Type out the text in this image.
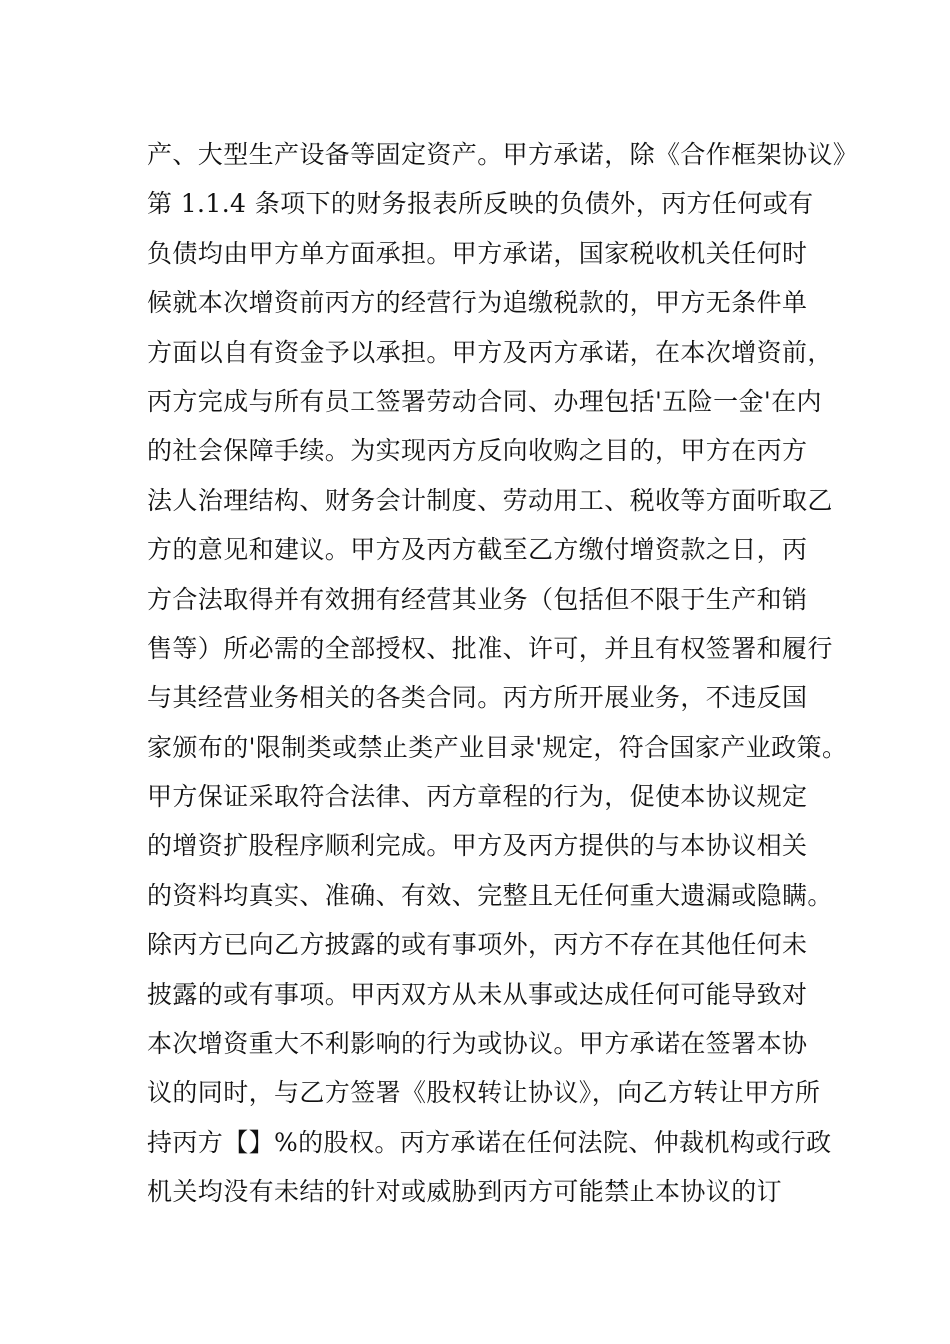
产、大型生产设备等固定资产。甲方承诺，除《合作框架协议》
第 1.1.4 条项下的财务报表所反映的负债外，丙方任何或有
负债均由甲方单方面承担。甲方承诺，国家税收机关任何时
候就本次增资前丙方的经营行为追缴税款的，甲方无条件单
方面以自有资金予以承担。甲方及丙方承诺，在本次增资前，
丙方完成与所有员工签署劳动合同、办理包括'五险一金'在内
的社会保障手续。为实现丙方反向收购之目的，甲方在丙方
法人治理结构、财务会计制度、劳动用工、税收等方面听取乙
方的意见和建议。甲方及丙方截至乙方缴付增资款之日，丙
方合法取得并有效拥有经营其业务（包括但不限于生产和销
售等）所必需的全部授权、批准、许可，并且有权签署和履行
与其经营业务相关的各类合同。丙方所开展业务，不违反国
家颁布的'限制类或禁止类产业目录'规定，符合国家产业政策。
甲方保证采取符合法律、丙方章程的行为，促使本协议规定
的增资扩股程序顺利完成。甲方及丙方提供的与本协议相关
的资料均真实、准确、有效、完整且无任何重大遗漏或隐瞒。
除丙方已向乙方披露的或有事项外，丙方不存在其他任何未
披露的或有事项。甲丙双方从未从事或达成任何可能导致对
本次增资重大不利影响的行为或协议。甲方承诺在签署本协
议的同时，与乙方签署《股权转让协议》，向乙方转让甲方所
持丙方【】%的股权。丙方承诺在任何法院、仲裁机构或行政
机关均没有未结的针对或威胁到丙方可能禁止本协议的订
